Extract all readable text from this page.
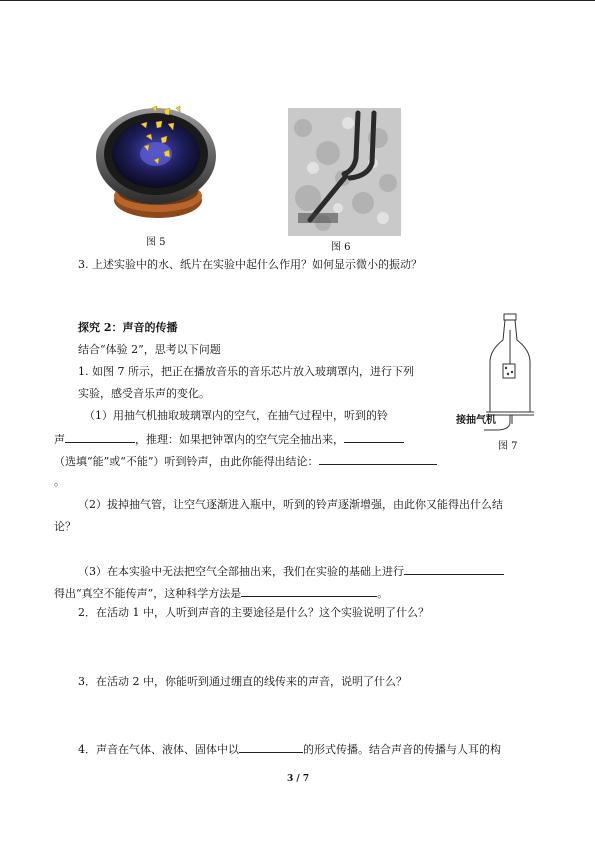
图 5	图 6
3. 上述实验中的水、纸片在实验中起什么作用？如何显示微小的振动？
探究 2：声音的传播
结合“体验 2”，思考以下问题
1. 如图 7 所示，把正在播放音乐的音乐芯片放入玻璃罩内，进行下列
实验，感受音乐声的变化。
（1）用抽气机抽取玻璃罩内的空气，在抽气过程中，听到的铃
声	，推理：如果把钟罩内的空气完全抽出来，
（选填“能”或“不能”）听到铃声，由此你能得出结论：
。
接抽气机
图 7
（2）拔掉抽气管，让空气逐渐进入瓶中，听到的铃声逐渐增强，由此你又能得出什么结
论？
（3）在本实验中无法把空气全部抽出来，我们在实验的基础上进行
得出“真空不能传声”，这种科学方法是	。
2．在活动 1 中，人听到声音的主要途径是什么？这个实验说明了什么？
3．在活动 2 中，你能听到通过绷直的线传来的声音，说明了什么？
4．声音在气体、液体、固体中以	的形式传播。结合声音的传播与人耳的构
3 / 7
